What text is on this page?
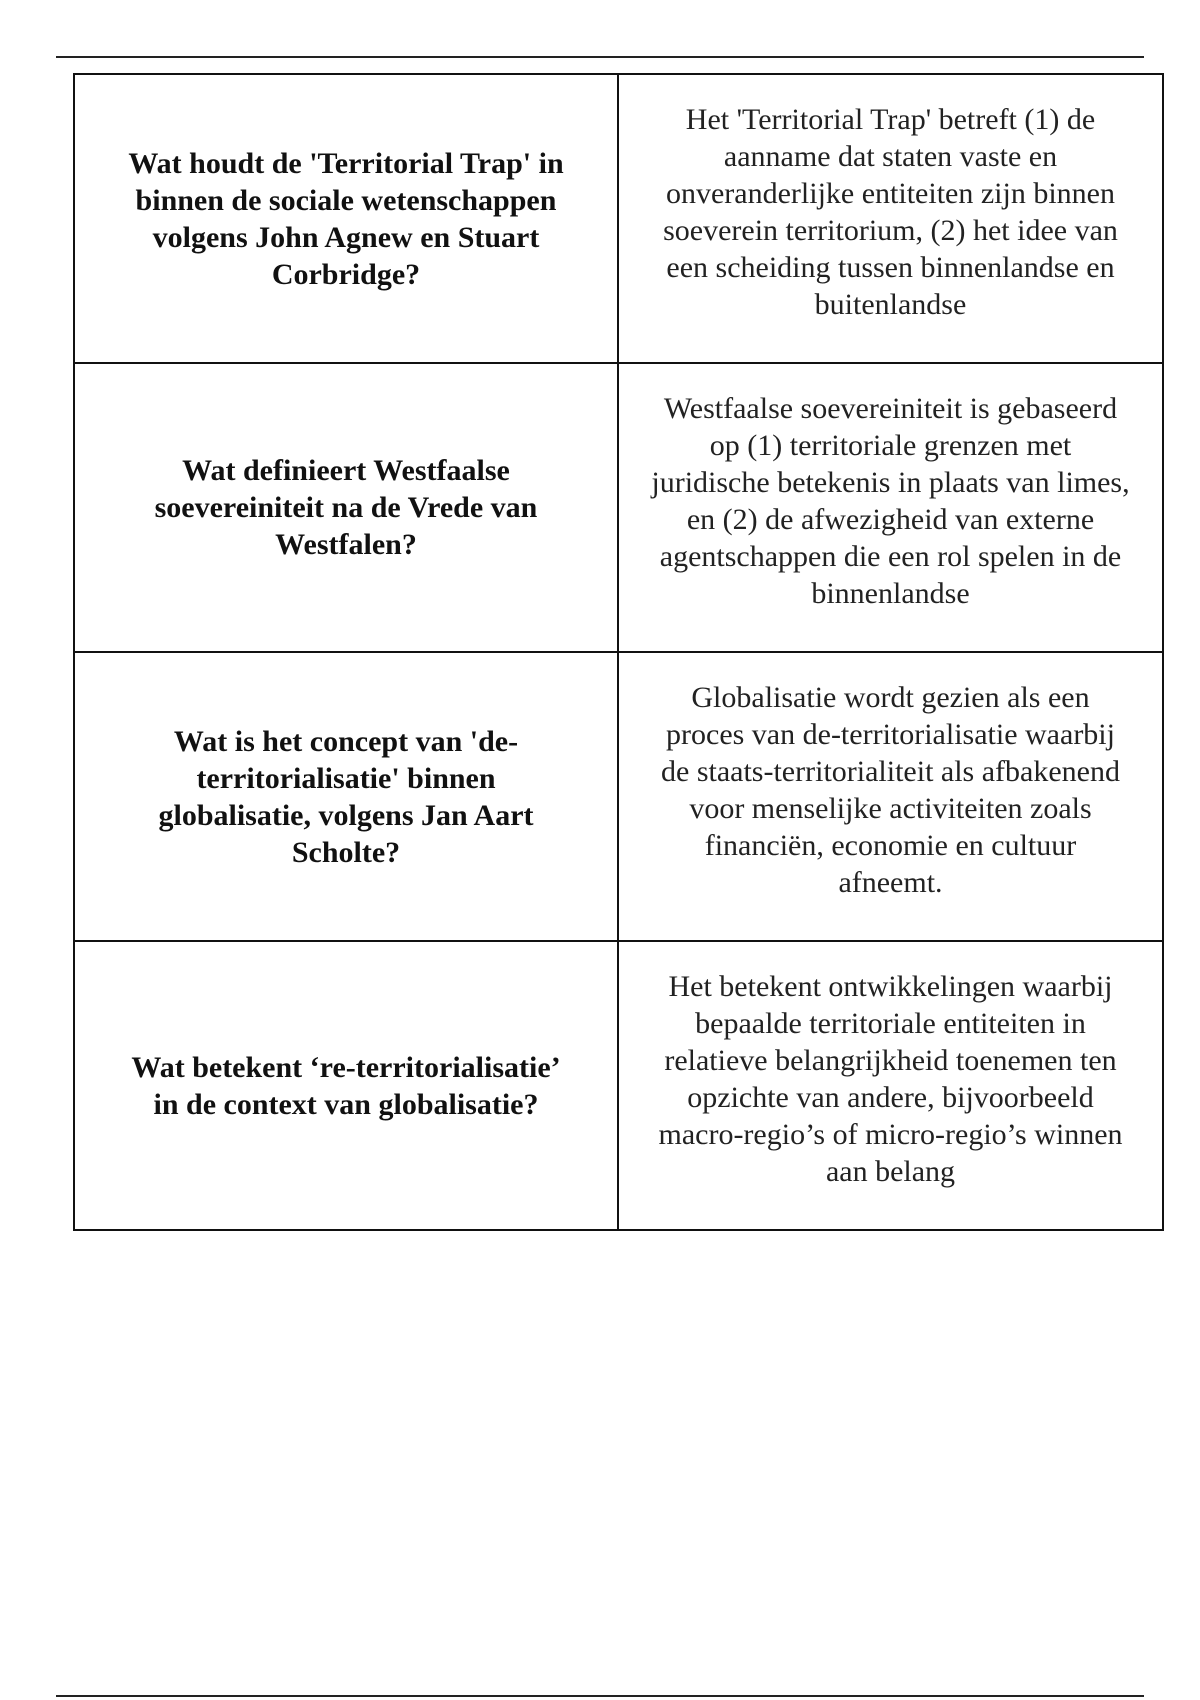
Wat houdt de 'Territorial Trap' in binnen de sociale wetenschappen volgens John Agnew en Stuart Corbridge?	Het 'Territorial Trap' betreft (1) de aanname dat staten vaste en onveranderlijke entiteiten zijn binnen soeverein territorium, (2) het idee van een scheiding tussen binnenlandse en buitenlandse

Wat definieert Westfaalse soevereiniteit na de Vrede van Westfalen?	Westfaalse soevereiniteit is gebaseerd op (1) territoriale grenzen met juridische betekenis in plaats van limes, en (2) de afwezigheid van externe agentschappen die een rol spelen in de binnenlandse

Wat is het concept van 'de-territorialisatie' binnen globalisatie, volgens Jan Aart Scholte?	Globalisatie wordt gezien als een proces van de-territorialisatie waarbij de staats-territorialiteit als afbakenend voor menselijke activiteiten zoals financiën, economie en cultuur afneemt.

Wat betekent ‘re-territorialisatie’ in de context van globalisatie?	Het betekent ontwikkelingen waarbij bepaalde territoriale entiteiten in relatieve belangrijkheid toenemen ten opzichte van andere, bijvoorbeeld macro-regio’s of micro-regio’s winnen aan belang
